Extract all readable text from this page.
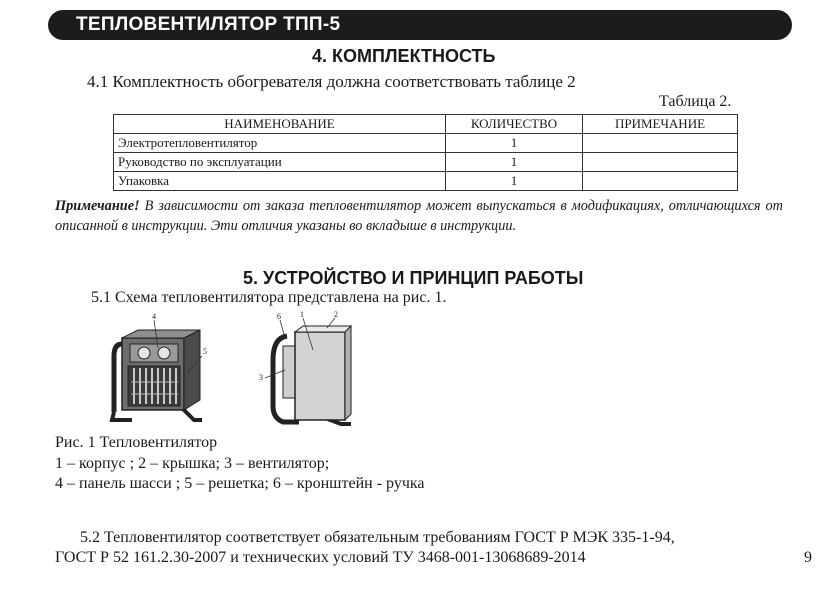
ТЕПЛОВЕНТИЛЯТОР ТПП-5
4. КОМПЛЕКТНОСТЬ
4.1 Комплектность обогревателя должна соответствовать таблице 2
Таблица 2.
НАИМЕНОВАНИЕ	КОЛИЧЕСТВО	ПРИМЕЧАНИЕ
Электротепловентилятор	1	
Руководство по эксплуатации	1	
Упаковка	1	
Примечание! В зависимости от заказа тепловентилятор может выпускаться в модификациях, отличающихся от описанной в инструкции. Эти отличия указаны во вкладыше в инструкции.
5. УСТРОЙСТВО И ПРИНЦИП РАБОТЫ
5.1 Схема тепловентилятора представлена на рис. 1.
4
5
6 1	2
3
Рис. 1 Тепловентилятор
1 – корпус ; 2 – крышка; 3 – вентилятор;
4 – панель шасси ; 5 – решетка; 6 – кронштейн - ручка
5.2 Тепловентилятор соответствует обязательным требованиям ГОСТ Р МЭК 335-1-94,
ГОСТ Р 52 161.2.30-2007 и технических условий ТУ 3468-001-13068689-2014	9
